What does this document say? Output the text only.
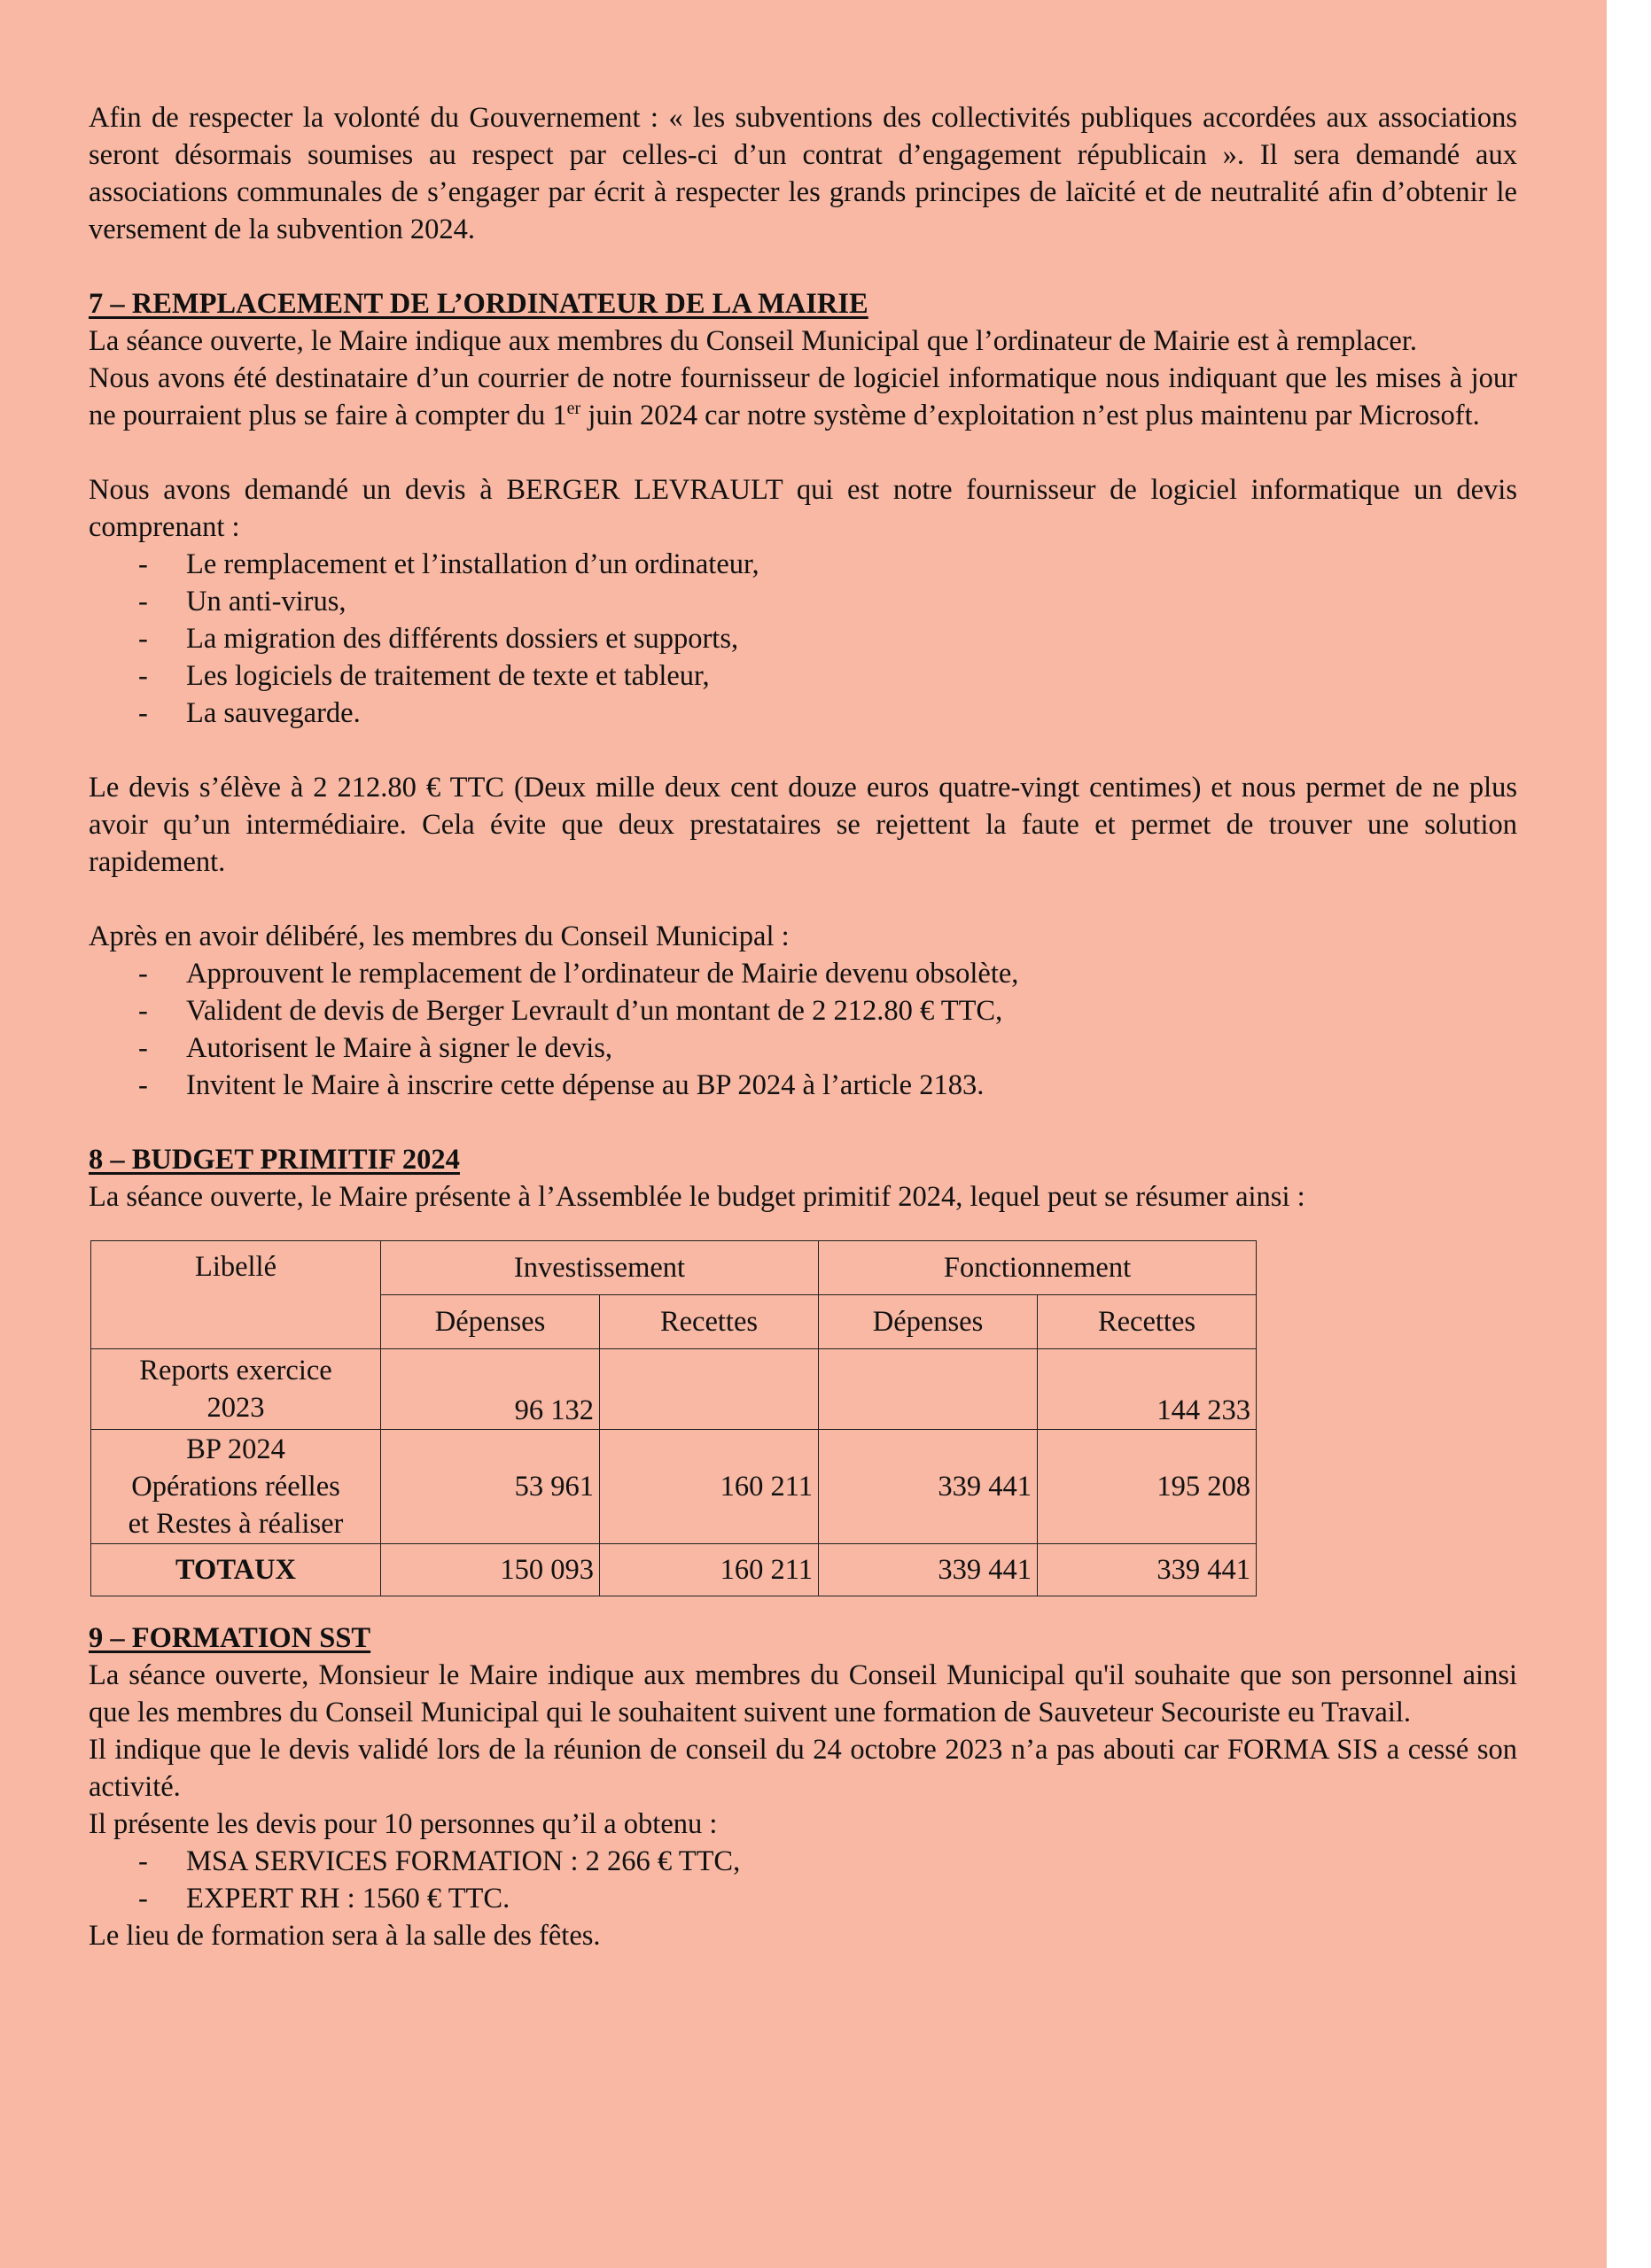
Afin de respecter la volonté du Gouvernement : « les subventions des collectivités publiques accordées aux associations seront désormais soumises au respect par celles-ci d’un contrat d’engagement républicain ». Il sera demandé aux associations communales de s’engager par écrit à respecter les grands principes de laïcité et de neutralité afin d’obtenir le versement de la subvention 2024.

7 – REMPLACEMENT DE L’ORDINATEUR DE LA MAIRIE

La séance ouverte, le Maire indique aux membres du Conseil Municipal que l’ordinateur de Mairie est à remplacer.

Nous avons été destinataire d’un courrier de notre fournisseur de logiciel informatique nous indiquant que les mises à jour ne pourraient plus se faire à compter du 1er juin 2024 car notre système d’exploitation n’est plus maintenu par Microsoft.

Nous avons demandé un devis à BERGER LEVRAULT qui est notre fournisseur de logiciel informatique un devis comprenant :

- Le remplacement et l’installation d’un ordinateur,
- Un anti-virus,
- La migration des différents dossiers et supports,
- Les logiciels de traitement de texte et tableur,
- La sauvegarde.

Le devis s’élève à 2 212.80 € TTC (Deux mille deux cent douze euros quatre-vingt centimes) et nous permet de ne plus avoir qu’un intermédiaire. Cela évite que deux prestataires se rejettent la faute et permet de trouver une solution rapidement.

Après en avoir délibéré, les membres du Conseil Municipal :

- Approuvent le remplacement de l’ordinateur de Mairie devenu obsolète,
- Valident de devis de Berger Levrault d’un montant de 2 212.80 € TTC,
- Autorisent le Maire à signer le devis,
- Invitent le Maire à inscrire cette dépense au BP 2024 à l’article 2183.
8 – BUDGET PRIMITIF 2024

La séance ouverte, le Maire présente à l’Assemblée le budget primitif 2024, lequel peut se résumer ainsi :

Libellé	Investissement		Fonctionnement	
	Dépenses	Recettes	Dépenses	Recettes

Reports exercice
2023	96 132			144 233

BP 2024
Opérations réelles
et Restes à réaliser	53 961	160 211	339 441	195 208
TOTAUX	150 093	160 211	339 441	339 441
9 – FORMATION SST

La séance ouverte, Monsieur le Maire indique aux membres du Conseil Municipal qu'il souhaite que son personnel ainsi que les membres du Conseil Municipal qui le souhaitent suivent une formation de Sauveteur Secouriste eu Travail.

Il indique que le devis validé lors de la réunion de conseil du 24 octobre 2023 n’a pas abouti car FORMA SIS a cessé son activité.

Il présente les devis pour 10 personnes qu’il a obtenu :

- MSA SERVICES FORMATION : 2 266 € TTC,
- EXPERT RH : 1560 € TTC.

Le lieu de formation sera à la salle des fêtes.
